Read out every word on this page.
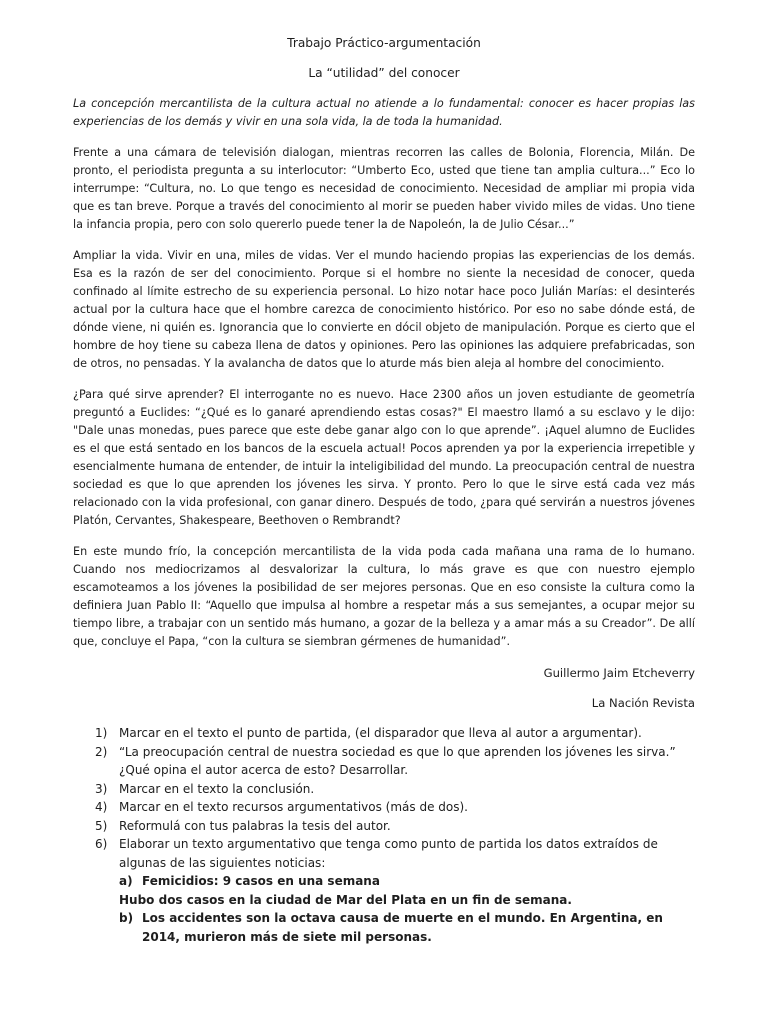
Trabajo Práctico-argumentación

La “utilidad” del conocer

La concepción mercantilista de la cultura actual no atiende a lo fundamental: conocer es hacer propias las experiencias de los demás y vivir en una sola vida, la de toda la humanidad.

Frente a una cámara de televisión dialogan, mientras recorren las calles de Bolonia, Florencia, Milán. De pronto, el periodista pregunta a su interlocutor: “Umberto Eco, usted que tiene tan amplia cultura...” Eco lo interrumpe: “Cultura, no. Lo que tengo es necesidad de conocimiento. Necesidad de ampliar mi propia vida que es tan breve. Porque a través del conocimiento al morir se pueden haber vivido miles de vidas. Uno tiene la infancia propia, pero con solo quererlo puede tener la de Napoleón, la de Julio César...”

Ampliar la vida. Vivir en una, miles de vidas. Ver el mundo haciendo propias las experiencias de los demás. Esa es la razón de ser del conocimiento. Porque si el hombre no siente la necesidad de conocer, queda confinado al límite estrecho de su experiencia personal. Lo hizo notar hace poco Julián Marías: el desinterés actual por la cultura hace que el hombre carezca de conocimiento histórico. Por eso no sabe dónde está, de dónde viene, ni quién es. Ignorancia que lo convierte en dócil objeto de manipulación. Porque es cierto que el hombre de hoy tiene su cabeza llena de datos y opiniones. Pero las opiniones las adquiere prefabricadas, son de otros, no pensadas. Y la avalancha de datos que lo aturde más bien aleja al hombre del conocimiento.

¿Para qué sirve aprender? El interrogante no es nuevo. Hace 2300 años un joven estudiante de geometría preguntó a Euclides: “¿Qué es lo ganaré aprendiendo estas cosas?" El maestro llamó a su esclavo y le dijo: "Dale unas monedas, pues parece que este debe ganar algo con lo que aprende”. ¡Aquel alumno de Euclides es el que está sentado en los bancos de la escuela actual! Pocos aprenden ya por la experiencia irrepetible y esencialmente humana de entender, de intuir la inteligibilidad del mundo. La preocupación central de nuestra sociedad es que lo que aprenden los jóvenes les sirva. Y pronto. Pero lo que le sirve está cada vez más relacionado con la vida profesional, con ganar dinero. Después de todo, ¿para qué servirán a nuestros jóvenes Platón, Cervantes, Shakespeare, Beethoven o Rembrandt?

En este mundo frío, la concepción mercantilista de la vida poda cada mañana una rama de lo humano. Cuando nos mediocrizamos al desvalorizar la cultura, lo más grave es que con nuestro ejemplo escamoteamos a los jóvenes la posibilidad de ser mejores personas. Que en eso consiste la cultura como la definiera Juan Pablo II: “Aquello que impulsa al hombre a respetar más a sus semejantes, a ocupar mejor su tiempo libre, a trabajar con un sentido más humano, a gozar de la belleza y a amar más a su Creador”. De allí que, concluye el Papa, “con la cultura se siembran gérmenes de humanidad”.

Guillermo Jaim Etcheverry

La Nación Revista

1) Marcar en el texto el punto de partida, (el disparador que lleva al autor a argumentar).
2) “La preocupación central de nuestra sociedad es que lo que aprenden los jóvenes les sirva.” ¿Qué opina el autor acerca de esto? Desarrollar.
3) Marcar en el texto la conclusión.
4) Marcar en el texto recursos argumentativos (más de dos).
5) Reformulá con tus palabras la tesis del autor.
6) Elaborar un texto argumentativo que tenga como punto de partida los datos extraídos de algunas de las siguientes noticias:
a) Femicidios: 9 casos en una semana
Hubo dos casos en la ciudad de Mar del Plata en un fin de semana.
b) Los accidentes son la octava causa de muerte en el mundo. En Argentina, en 2014, murieron más de siete mil personas.
